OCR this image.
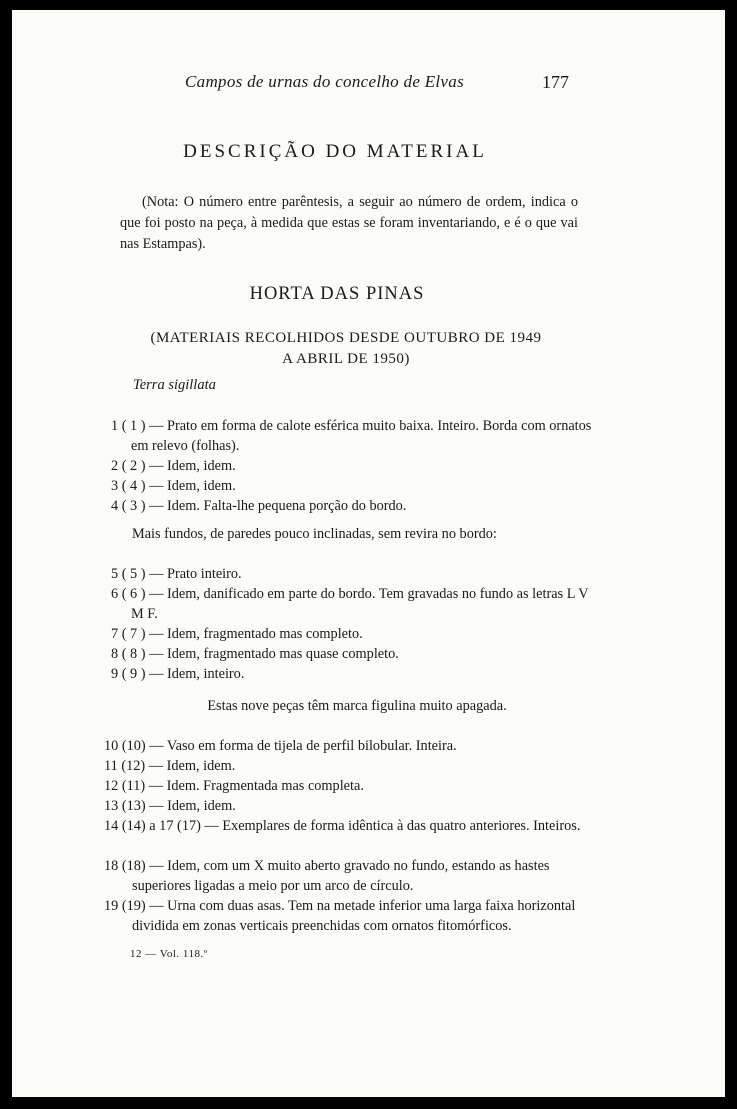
Campos de urnas do concelho de Elvas	177
DESCRIÇÃO DO MATERIAL
(Nota: O número entre parêntesis, a seguir ao número de ordem, indica o que foi posto na peça, à medida que estas se foram inventariando, e é o que vai nas Estampas).
HORTA DAS PINAS
(MATERIAIS RECOLHIDOS DESDE OUTUBRO DE 1949
A ABRIL DE 1950)
Terra sigillata
1 ( 1 ) — Prato em forma de calote esférica muito baixa. Inteiro. Borda com ornatos em relevo (folhas).
2 ( 2 ) — Idem, idem.
3 ( 4 ) — Idem, idem.
4 ( 3 ) — Idem. Falta-lhe pequena porção do bordo.
Mais fundos, de paredes pouco inclinadas, sem revira no bordo:
5 ( 5 ) — Prato inteiro.
6 ( 6 ) — Idem, danificado em parte do bordo. Tem gravadas no fundo as letras L V M F.
7 ( 7 ) — Idem, fragmentado mas completo.
8 ( 8 ) — Idem, fragmentado mas quase completo.
9 ( 9 ) — Idem, inteiro.
Estas nove peças têm marca figulina muito apagada.
10 (10) — Vaso em forma de tijela de perfil bilobular. Inteira.
11 (12) — Idem, idem.
12 (11) — Idem. Fragmentada mas completa.
13 (13) — Idem, idem.
14 (14) a 17 (17) — Exemplares de forma idêntica à das quatro anteriores. Inteiros.
18 (18) — Idem, com um X muito aberto gravado no fundo, estando as hastes superiores ligadas a meio por um arco de círculo.
19 (19) — Urna com duas asas. Tem na metade inferior uma larga faixa horizontal dividida em zonas verticais preenchidas com ornatos fitomórficos.
12 — Vol. 118.º
